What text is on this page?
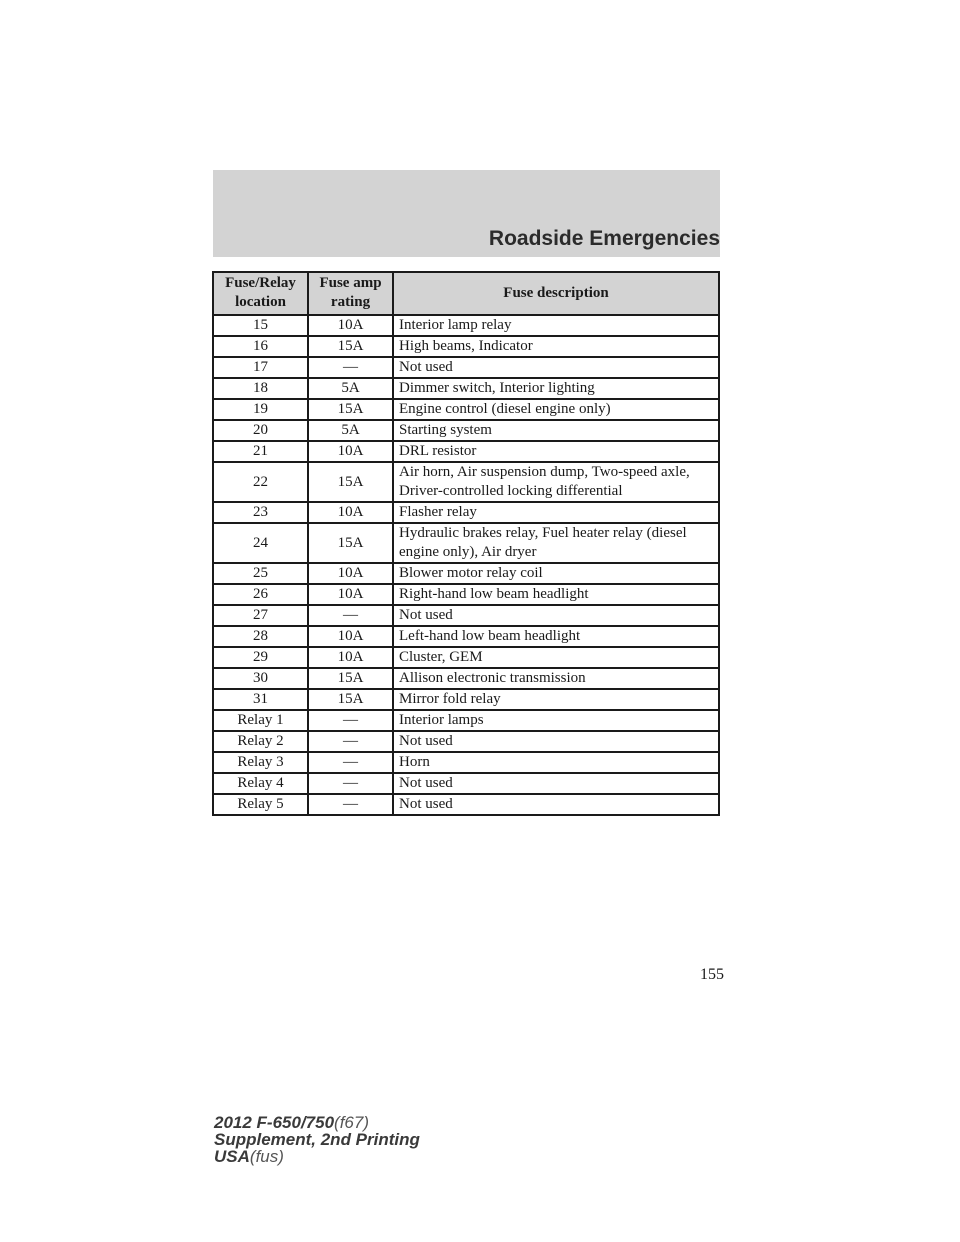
Roadside Emergencies
Fuse/Relay location	Fuse amp rating	Fuse description
15	10A	Interior lamp relay
16	15A	High beams, Indicator
17	—	Not used
18	5A	Dimmer switch, Interior lighting
19	15A	Engine control (diesel engine only)
20	5A	Starting system
21	10A	DRL resistor
22	15A	Air horn, Air suspension dump, Two-speed axle, Driver-controlled locking differential
23	10A	Flasher relay
24	15A	Hydraulic brakes relay, Fuel heater relay (diesel engine only), Air dryer
25	10A	Blower motor relay coil
26	10A	Right-hand low beam headlight
27	—	Not used
28	10A	Left-hand low beam headlight
29	10A	Cluster, GEM
30	15A	Allison electronic transmission
31	15A	Mirror fold relay
Relay 1	—	Interior lamps
Relay 2	—	Not used
Relay 3	—	Horn
Relay 4	—	Not used
Relay 5	—	Not used

155

2012 F-650/750(f67)
Supplement, 2nd Printing
USA(fus)
